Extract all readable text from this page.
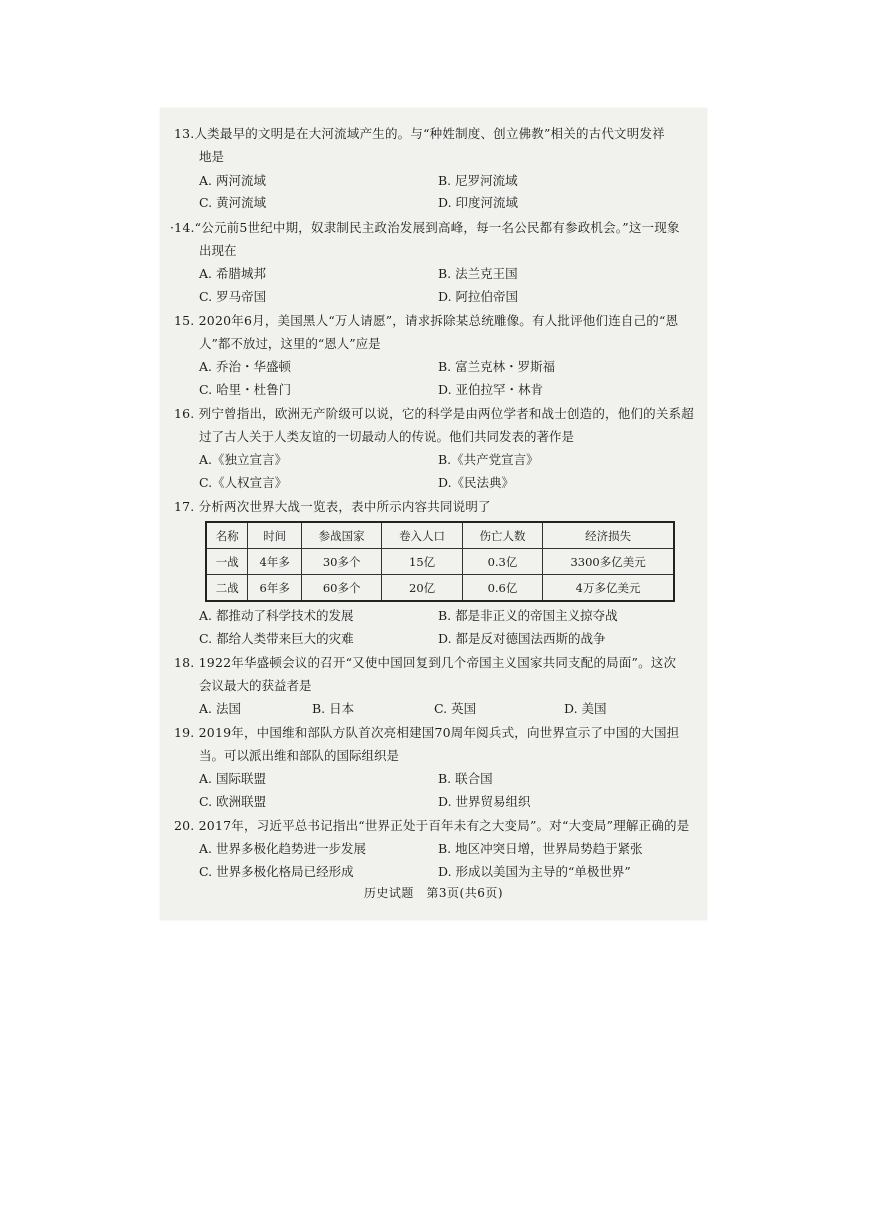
13.人类最早的文明是在大河流域产生的。与“种姓制度、创立佛教”相关的古代文明发祥
地是
A. 两河流域	B. 尼罗河流域
C. 黄河流域	D. 印度河流域
·14.“公元前5世纪中期，奴隶制民主政治发展到高峰，每一名公民都有参政机会。”这一现象
出现在
A. 希腊城邦	B. 法兰克王国
C. 罗马帝国	D. 阿拉伯帝国
15. 2020年6月，美国黑人“万人请愿”，请求拆除某总统雕像。有人批评他们连自己的“恩
人”都不放过，这里的“恩人”应是
A. 乔治・华盛顿	B. 富兰克林・罗斯福
C. 哈里・杜鲁门	D. 亚伯拉罕・林肯
16. 列宁曾指出，欧洲无产阶级可以说，它的科学是由两位学者和战士创造的，他们的关系超
过了古人关于人类友谊的一切最动人的传说。他们共同发表的著作是
A.《独立宣言》	B.《共产党宣言》
C.《人权宣言》	D.《民法典》
17. 分析两次世界大战一览表，表中所示内容共同说明了
名称	时间	参战国家	卷入人口	伤亡人数	经济损失
一战	4年多	30多个	15亿	0.3亿	3300多亿美元
二战	6年多	60多个	20亿	0.6亿	4万多亿美元
A. 都推动了科学技术的发展	B. 都是非正义的帝国主义掠夺战
C. 都给人类带来巨大的灾难	D. 都是反对德国法西斯的战争
18. 1922年华盛顿会议的召开“又使中国回复到几个帝国主义国家共同支配的局面”。这次
会议最大的获益者是
A. 法国	B. 日本	C. 英国	D. 美国
19. 2019年，中国维和部队方队首次亮相建国70周年阅兵式，向世界宣示了中国的大国担
当。可以派出维和部队的国际组织是
A. 国际联盟	B. 联合国
C. 欧洲联盟	D. 世界贸易组织
20. 2017年，习近平总书记指出“世界正处于百年未有之大变局”。对“大变局”理解正确的是
A. 世界多极化趋势进一步发展	B. 地区冲突日增，世界局势趋于紧张
C. 世界多极化格局已经形成	D. 形成以美国为主导的“单极世界”
历史试题　第3页(共6页)
